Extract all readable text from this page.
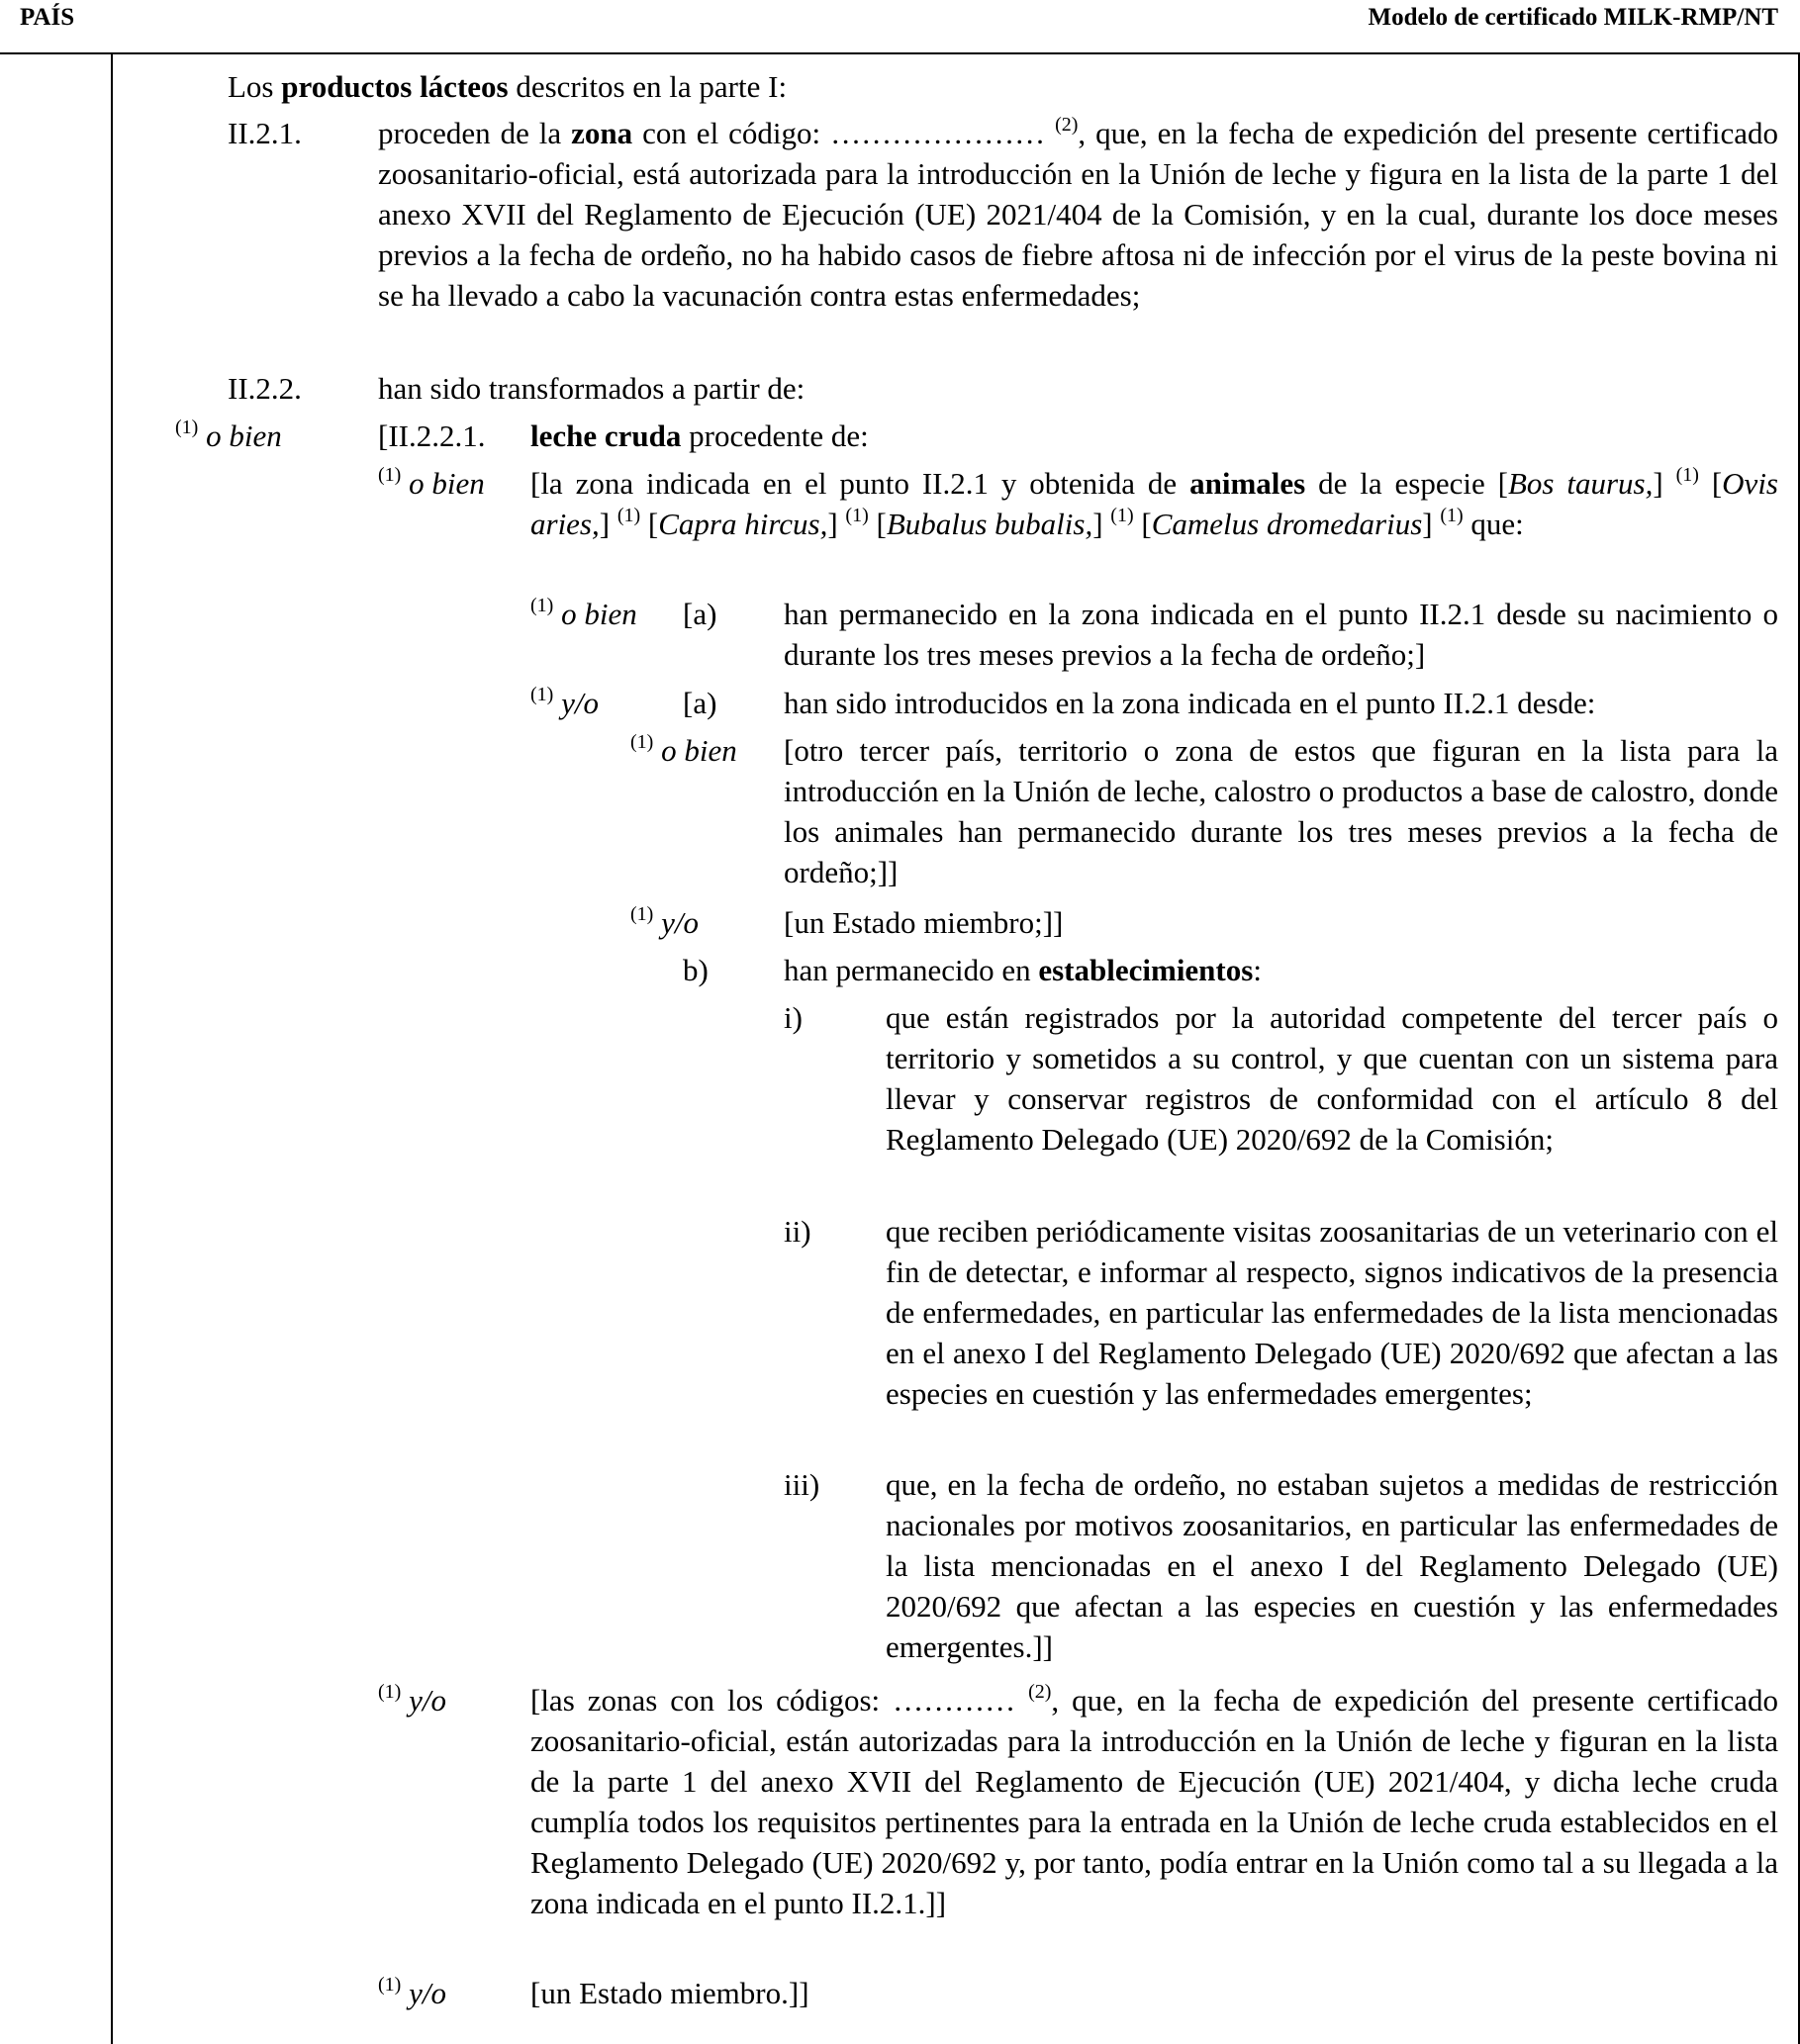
PAÍS	Modelo de certificado MILK-RMP/NT
Los productos lácteos descritos en la parte I:
II.2.1. proceden de la zona con el código: ………………… $^{(2)}$, que, en la fecha de expedición del presente certificado zoosanitario-oficial, está autorizada para la introducción en la Unión de leche y figura en la lista de la parte 1 del anexo XVII del Reglamento de Ejecución (UE) 2021/404 de la Comisión, y en la cual, durante los doce meses previos a la fecha de ordeño, no ha habido casos de fiebre aftosa ni de infección por el virus de la peste bovina ni se ha llevado a cabo la vacunación contra estas enfermedades;
II.2.2. han sido transformados a partir de:
$^{(1)}$ o bien	[II.2.2.1. leche cruda procedente de:
$^{(1)}$ o bien [la zona indicada en el punto II.2.1 y obtenida de animales de la especie [Bos taurus,] $^{(1)}$ [Ovis aries,] $^{(1)}$ [Capra hircus,] $^{(1)}$ [Bubalus bubalis,] $^{(1)}$ [Camelus dromedarius] $^{(1)}$ que:
$^{(1)}$ o bien [a) han permanecido en la zona indicada en el punto II.2.1 desde su nacimiento o durante los tres meses previos a la fecha de ordeño;]
$^{(1)}$ y/o	[a) han sido introducidos en la zona indicada en el punto II.2.1 desde:
$^{(1)}$ o bien [otro tercer país, territorio o zona de estos que figuran en la lista para la introducción en la Unión de leche, calostro o productos a base de calostro, donde los animales han permanecido durante los tres meses previos a la fecha de ordeño;]]
$^{(1)}$ y/o	[un Estado miembro;]]
b) han permanecido en establecimientos:
i)	que están registrados por la autoridad competente del tercer país o territorio y sometidos a su control, y que cuentan con un sistema para llevar y conservar registros de conformidad con el artículo 8 del Reglamento Delegado (UE) 2020/692 de la Comisión;
ii) que reciben periódicamente visitas zoosanitarias de un veterinario con el fin de detectar, e informar al respecto, signos indicativos de la presencia de enfermedades, en particular las enfermedades de la lista mencionadas en el anexo I del Reglamento Delegado (UE) 2020/692 que afectan a las especies en cuestión y las enfermedades emergentes;
iii) que, en la fecha de ordeño, no estaban sujetos a medidas de restricción nacionales por motivos zoosanitarios, en particular las enfermedades de la lista mencionadas en el anexo I del Reglamento Delegado (UE) 2020/692 que afectan a las especies en cuestión y las enfermedades emergentes.]]
$^{(1)}$ y/o	[las zonas con los códigos: ………… $^{(2)}$, que, en la fecha de expedición del presente certificado zoosanitario-oficial, están autorizadas para la introducción en la Unión de leche y figuran en la lista de la parte 1 del anexo XVII del Reglamento de Ejecución (UE) 2021/404, y dicha leche cruda cumplía todos los requisitos pertinentes para la entrada en la Unión de leche cruda establecidos en el Reglamento Delegado (UE) 2020/692 y, por tanto, podía entrar en la Unión como tal a su llegada a la zona indicada en el punto II.2.1.]]
$^{(1)}$ y/o	[un Estado miembro.]]
